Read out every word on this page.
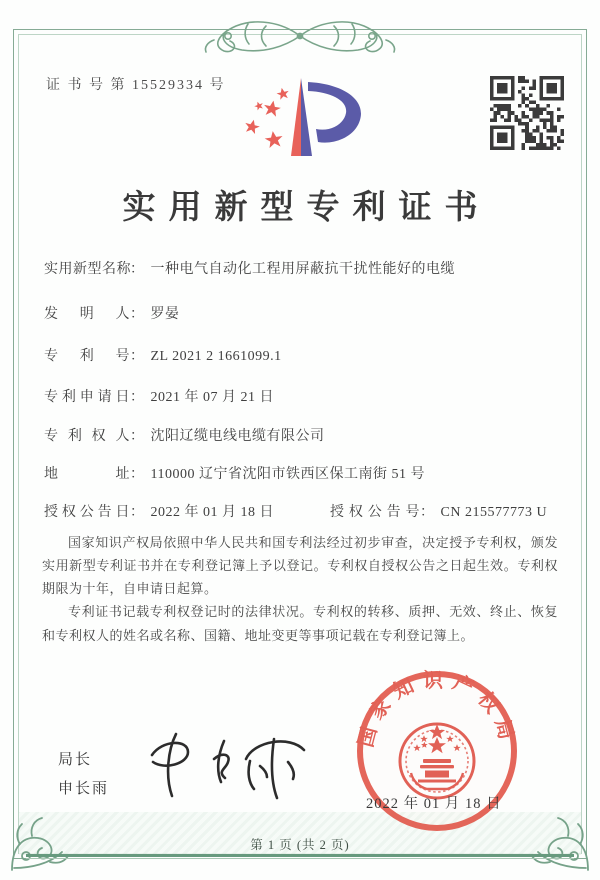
证 书 号 第 15529334 号
实用新型专利证书
实用新型名称： 一种电气自动化工程用屏蔽抗干扰性能好的电缆
发明人： 罗晏
专利号： ZL 2021 2 1661099.1
专利申请日： 2021 年 07 月 21 日
专利权人： 沈阳辽缆电线电缆有限公司
地址： 110000 辽宁省沈阳市铁西区保工南街 51 号
授权公告日： 2022 年 01 月 18 日	授权公告号： CN 215577773 U

国家知识产权局依照中华人民共和国专利法经过初步审查，决定授予专利权，颁发实用新型专利证书并在专利登记簿上予以登记。专利权自授权公告之日起生效。专利权期限为十年，自申请日起算。

专利证书记载专利权登记时的法律状况。专利权的转移、质押、无效、终止、恢复和专利权人的姓名或名称、国籍、地址变更等事项记载在专利登记簿上。

局长
申长雨
国家知识产权局
2022 年 01 月 18 日
第 1 页 (共 2 页)
